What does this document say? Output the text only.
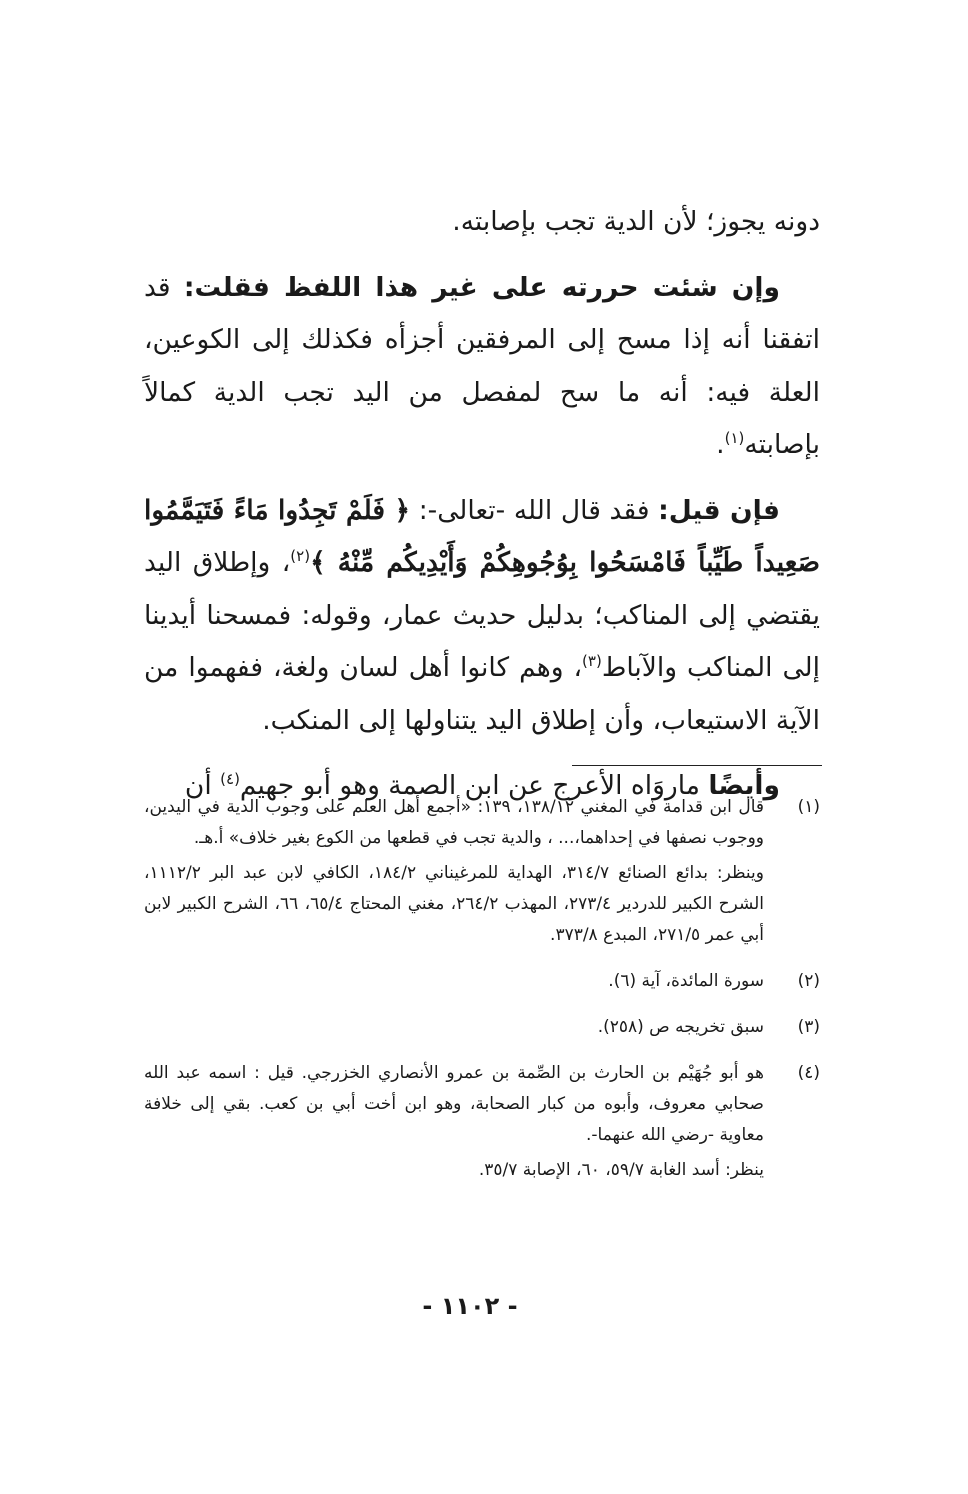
دونه يجوز؛ لأن الدية تجب بإصابته.

وإن شئت حررته على غير هذا اللفظ فقلت: قد اتفقنا أنه إذا مسح إلى المرفقين أجزأه فكذلك إلى الكوعين، العلة فيه: أنه ما سح لمفصل من اليد تجب الدية كمالاً بإصابته$^{(١)}$.

فإن قيل: فقد قال الله -تعالى-: ﴿ فَلَمْ تَجِدُوا مَاءً فَتَيَمَّمُوا صَعِيداً طَيِّباً فَامْسَحُوا بِوُجُوهِكُمْ وَأَيْدِيكُم مِّنْهُ ﴾$^{(٢)}$، وإطلاق اليد يقتضي إلى المناكب؛ بدليل حديث عمار، وقوله: فمسحنا أيدينا إلى المناكب والآباط$^{(٣)}$، وهم كانوا أهل لسان ولغة، ففهموا من الآية الاستيعاب، وأن إطلاق اليد يتناولها إلى المنكب.

وأيضًا ماروَاه الأعرج عن ابن الصمة وهو أبو جهيم$^{(٤)}$ أن

(١)

قال ابن قدامة في المغني ١٣٨/١٢، ١٣٩: «أجمع أهل العلم على وجوب الدية في اليدين، ووجوب نصفها في إحداهما،... ، والدية تجب في قطعها من الكوع بغير خلاف» أ.هـ.

وينظر: بدائع الصنائع ٣١٤/٧، الهداية للمرغيناني ١٨٤/٢، الكافي لابن عبد البر ١١١٢/٢، الشرح الكبير للدردير ٢٧٣/٤، المهذب ٢٦٤/٢، مغني المحتاج ٦٥/٤، ٦٦، الشرح الكبير لابن أبي عمر ٢٧١/٥، المبدع ٣٧٣/٨.

(٢)

سورة المائدة، آية (٦).

(٣)

سبق تخريجه ص (٢٥٨).

(٤)

هو أبو جُهَيْم بن الحارث بن الصِّمة بن عمرو الأنصاري الخزرجي. قيل : اسمه عبد الله صحابي معروف، وأبوه من كبار الصحابة، وهو ابن أخت أبي بن كعب. بقي إلى خلافة معاوية -رضي الله عنهما-.

ينظر: أسد الغابة ٥٩/٧، ٦٠، الإصابة ٣٥/٧.

- ١١٠٢ -
